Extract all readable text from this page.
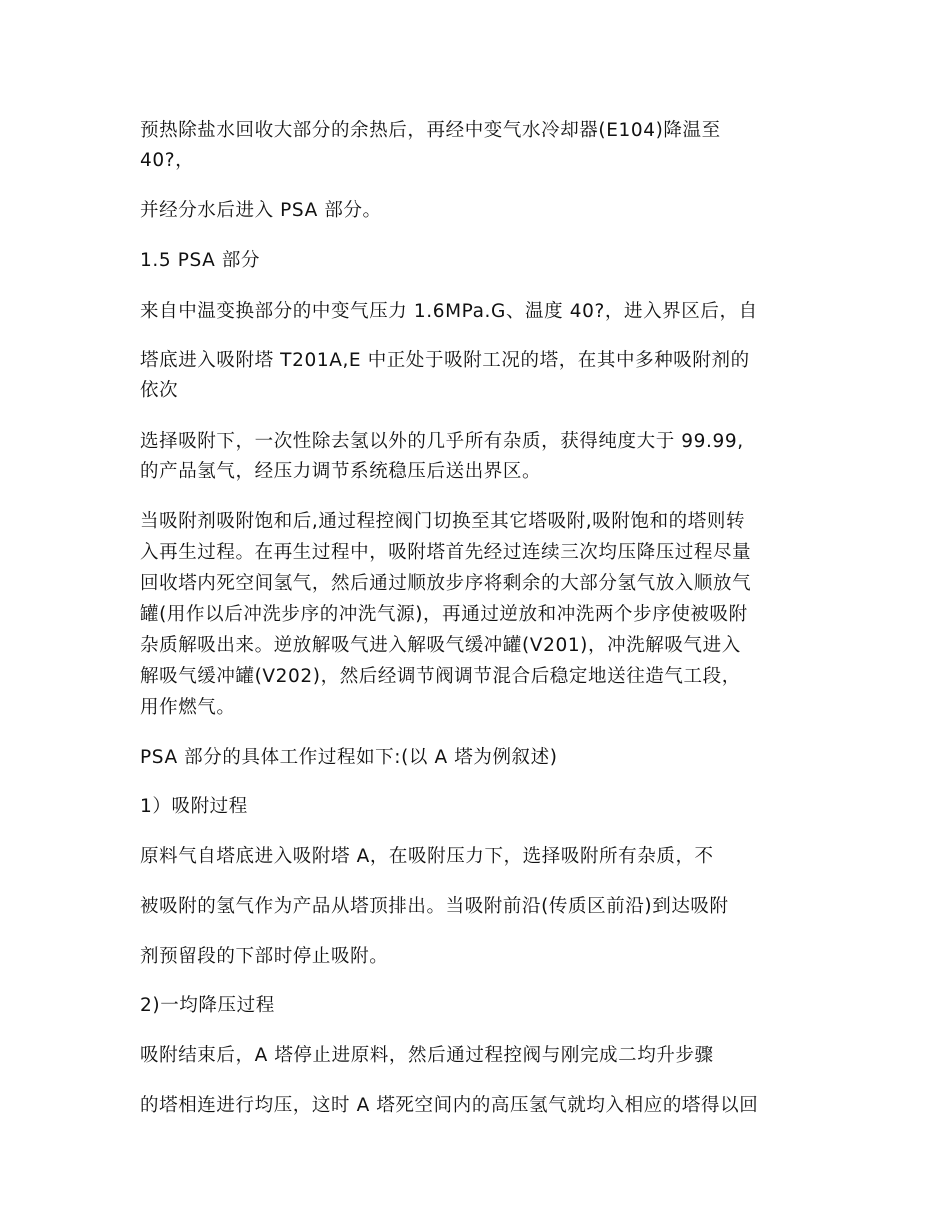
预热除盐水回收大部分的余热后，再经中变气水冷却器(E104)降温至
40?，
并经分水后进入 PSA 部分。
1.5 PSA 部分
来自中温变换部分的中变气压力 1.6MPa.G、温度 40?，进入界区后，自
塔底进入吸附塔 T201A,E 中正处于吸附工况的塔，在其中多种吸附剂的
依次
选择吸附下，一次性除去氢以外的几乎所有杂质，获得纯度大于 99.99,
的产品氢气，经压力调节系统稳压后送出界区。
当吸附剂吸附饱和后,通过程控阀门切换至其它塔吸附,吸附饱和的塔则转
入再生过程。在再生过程中，吸附塔首先经过连续三次均压降压过程尽量
回收塔内死空间氢气，然后通过顺放步序将剩余的大部分氢气放入顺放气
罐(用作以后冲洗步序的冲洗气源)，再通过逆放和冲洗两个步序使被吸附
杂质解吸出来。逆放解吸气进入解吸气缓冲罐(V201)，冲洗解吸气进入
解吸气缓冲罐(V202)，然后经调节阀调节混合后稳定地送往造气工段，
用作燃气。
PSA 部分的具体工作过程如下:(以 A 塔为例叙述)
1）吸附过程
原料气自塔底进入吸附塔 A，在吸附压力下，选择吸附所有杂质，不
被吸附的氢气作为产品从塔顶排出。当吸附前沿(传质区前沿)到达吸附
剂预留段的下部时停止吸附。
2)一均降压过程
吸附结束后，A 塔停止进原料，然后通过程控阀与刚完成二均升步骤
的塔相连进行均压，这时 A 塔死空间内的高压氢气就均入相应的塔得以回
